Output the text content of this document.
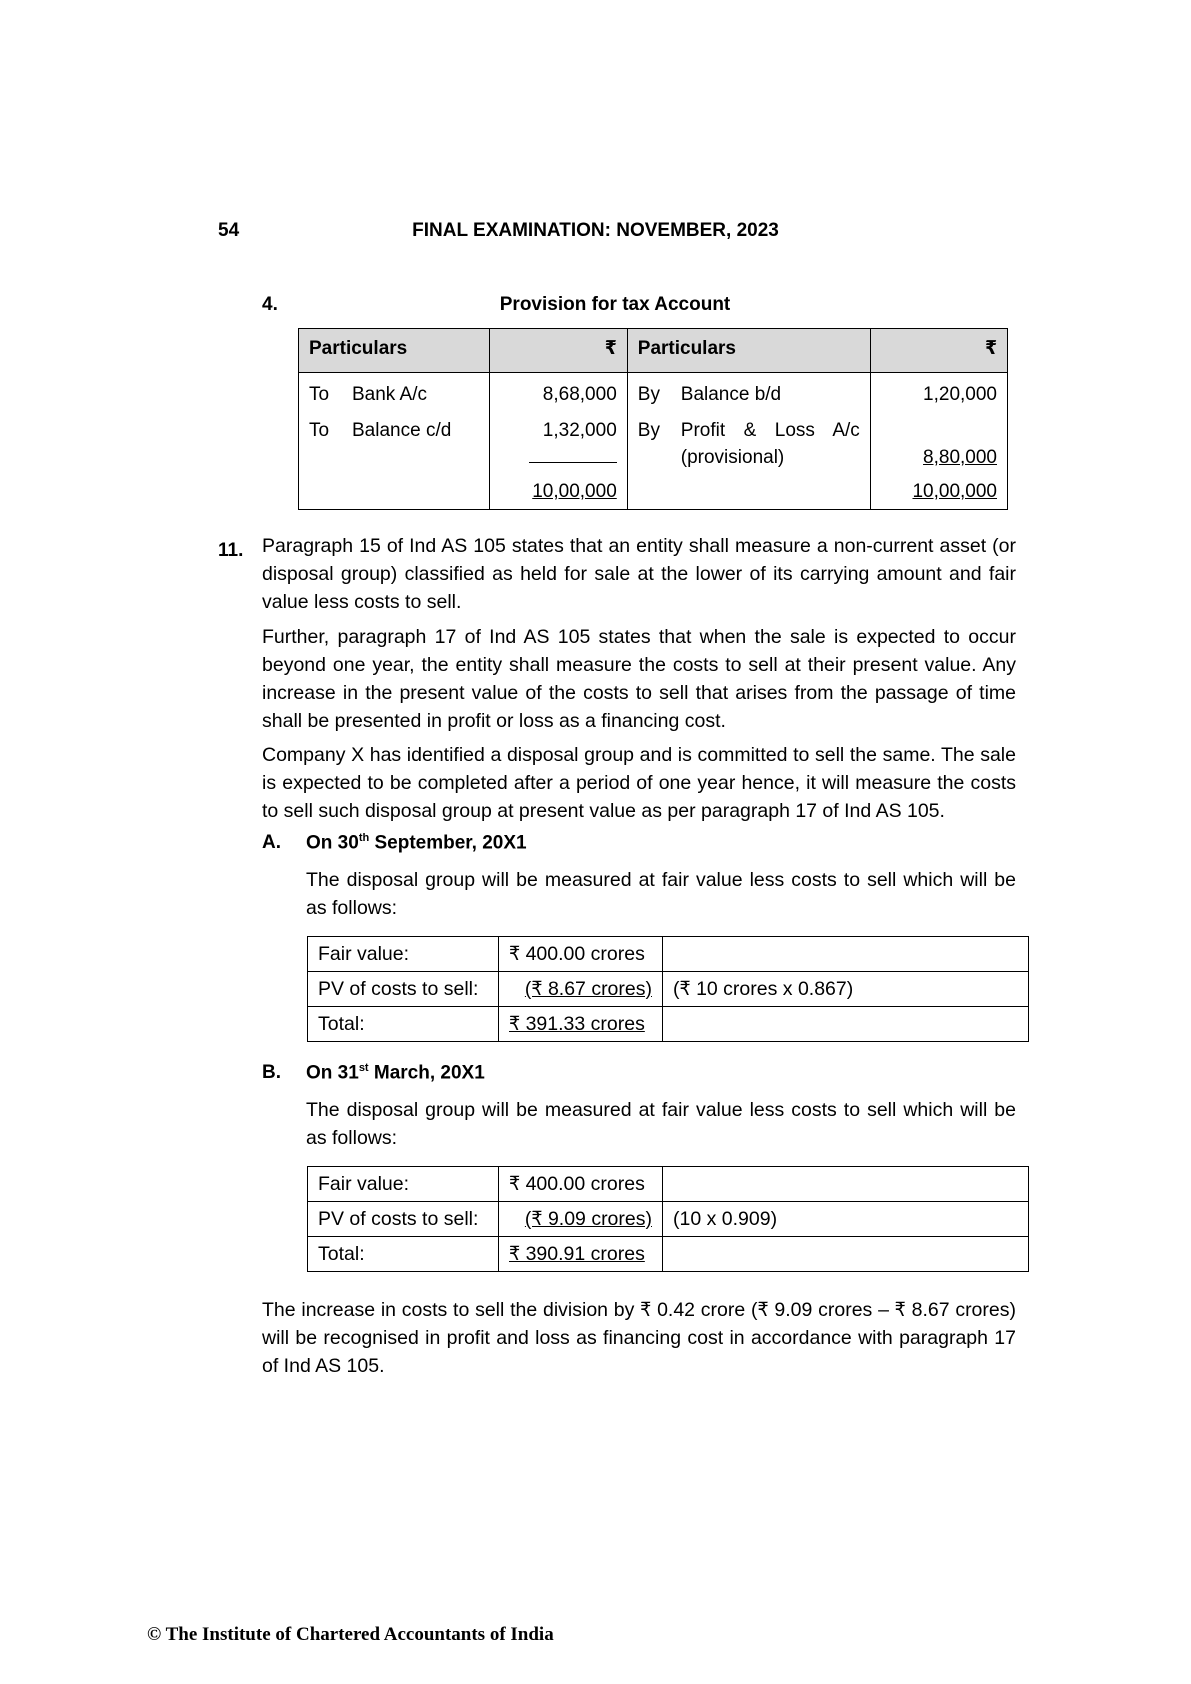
54	FINAL EXAMINATION: NOVEMBER, 2023
4.	Provision for tax Account
Particulars	₹	Particulars	₹
To Bank A/c	8,68,000	By Balance b/d	1,20,000
To Balance c/d	1,32,000	By Profit & Loss A/c (provisional)	8,80,000
	10,00,000		10,00,000
11. Paragraph 15 of Ind AS 105 states that an entity shall measure a non-current asset (or disposal group) classified as held for sale at the lower of its carrying amount and fair value less costs to sell.
Further, paragraph 17 of Ind AS 105 states that when the sale is expected to occur beyond one year, the entity shall measure the costs to sell at their present value. Any increase in the present value of the costs to sell that arises from the passage of time shall be presented in profit or loss as a financing cost.
Company X has identified a disposal group and is committed to sell the same. The sale is expected to be completed after a period of one year hence, it will measure the costs to sell such disposal group at present value as per paragraph 17 of Ind AS 105.
A. On 30th September, 20X1
The disposal group will be measured at fair value less costs to sell which will be as follows:
Fair value:	₹ 400.00 crores	
PV of costs to sell:	(₹ 8.67 crores)	(₹ 10 crores x 0.867)
Total:	₹ 391.33 crores	
B. On 31st March, 20X1
The disposal group will be measured at fair value less costs to sell which will be as follows:
Fair value:	₹ 400.00 crores	
PV of costs to sell:	(₹ 9.09 crores)	(10 x 0.909)
Total:	₹ 390.91 crores	
The increase in costs to sell the division by ₹ 0.42 crore (₹ 9.09 crores – ₹ 8.67 crores) will be recognised in profit and loss as financing cost in accordance with paragraph 17 of Ind AS 105.
© The Institute of Chartered Accountants of India
